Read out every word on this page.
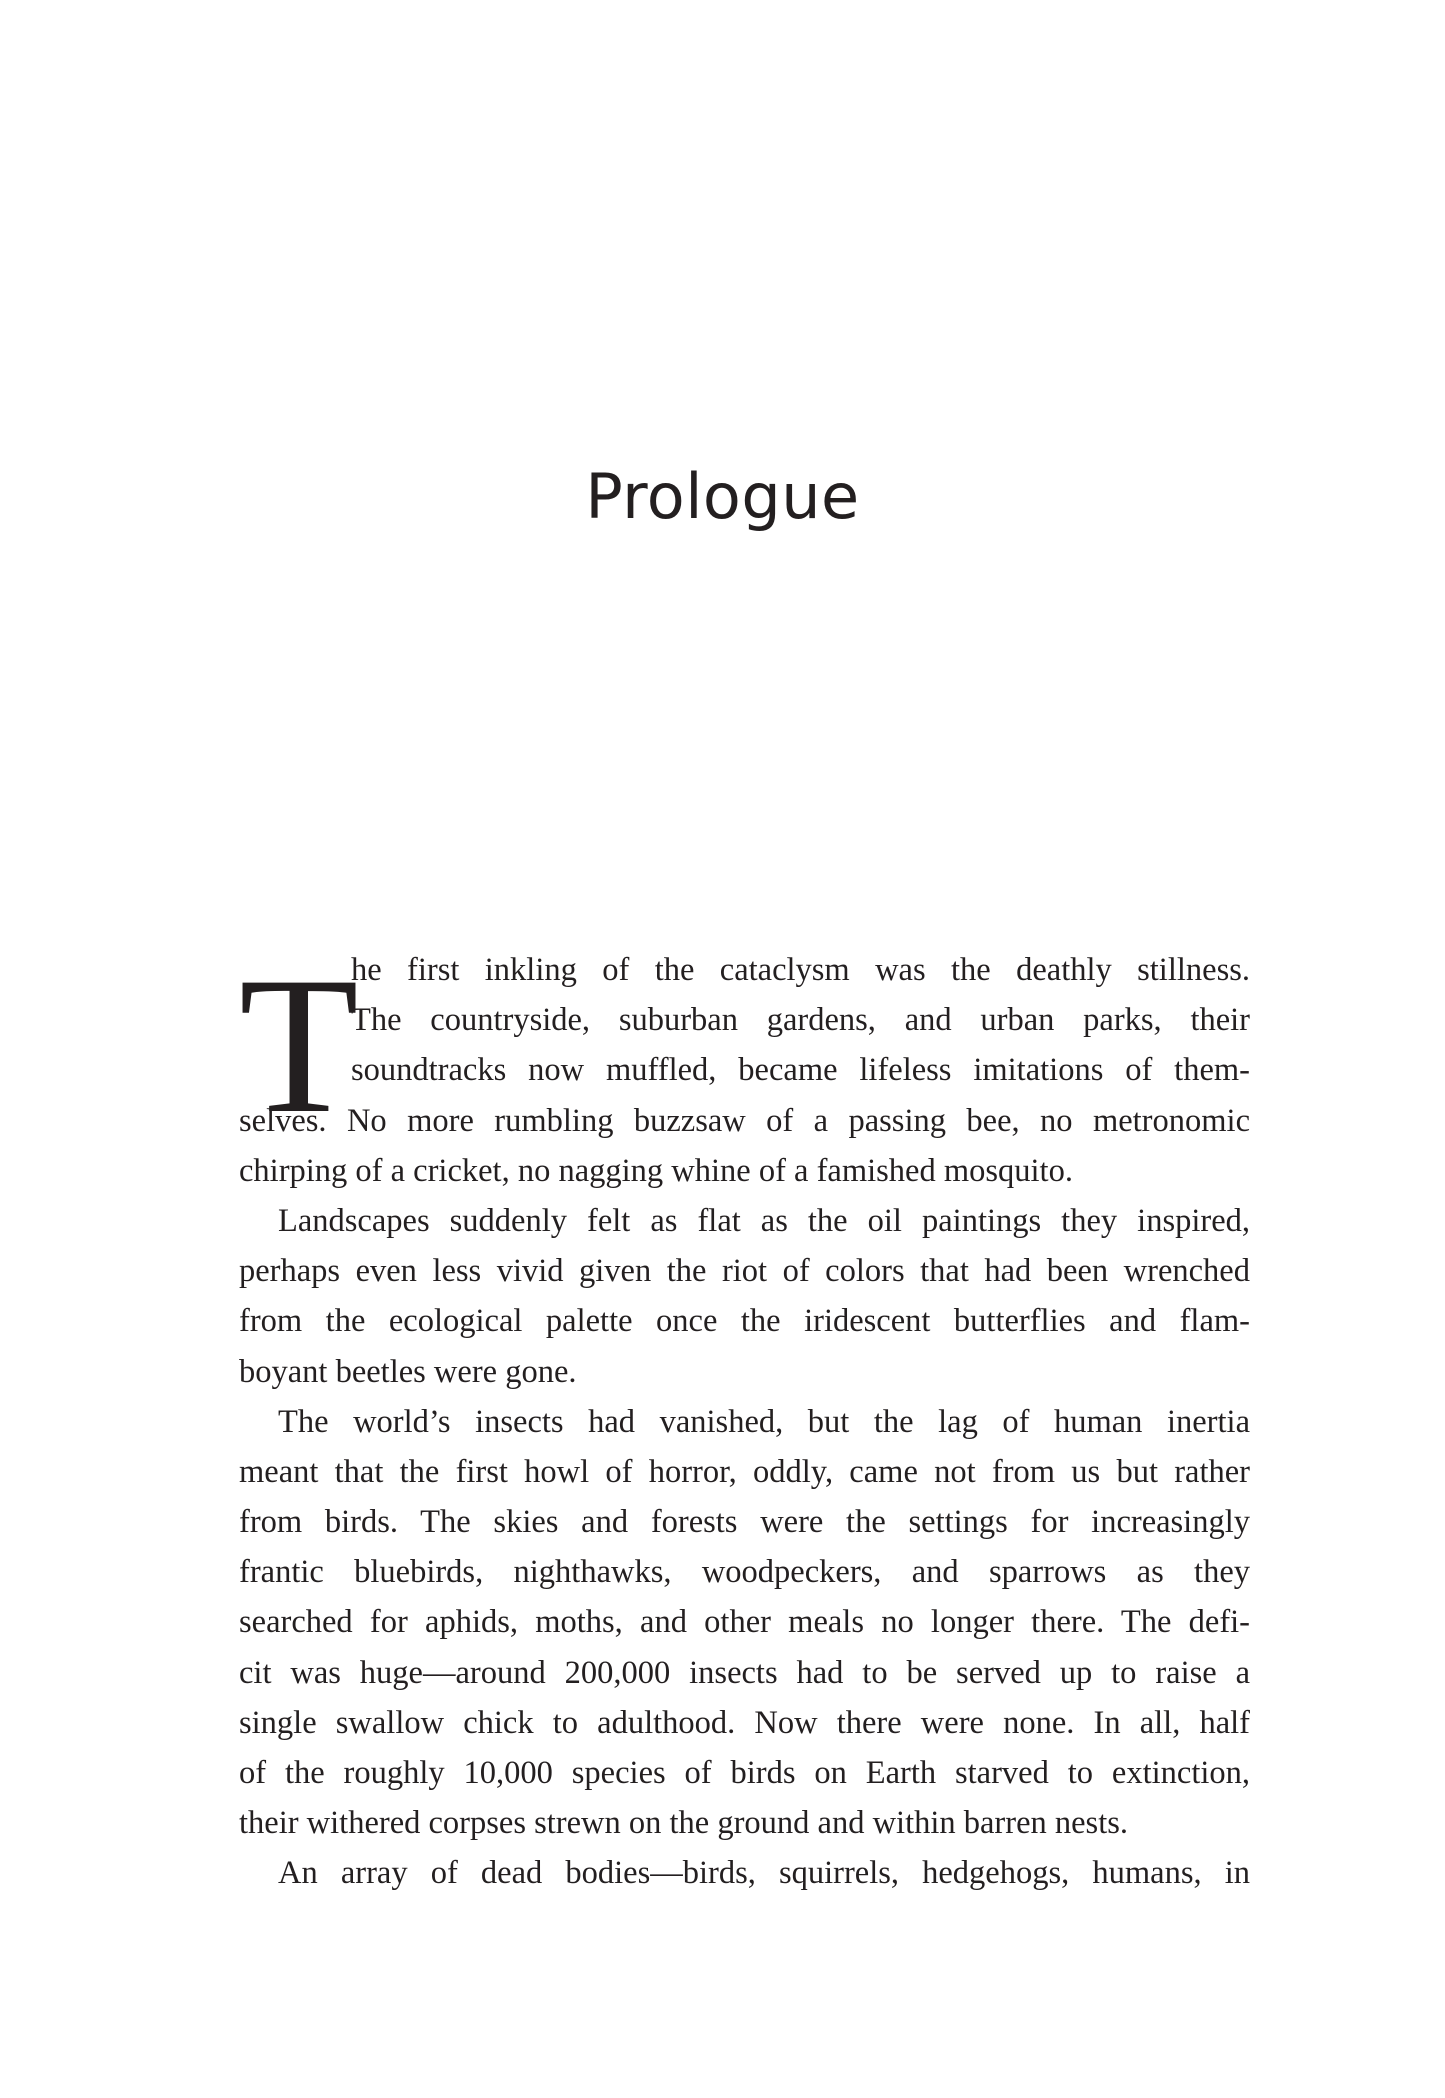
Prologue
T
he first inkling of the cataclysm was the deathly stillness.
The countryside, suburban gardens, and urban parks, their
soundtracks now muffled, became lifeless imitations of them-
selves. No more rumbling buzzsaw of a passing bee, no metronomic
chirping of a cricket, no nagging whine of a famished mosquito.
Landscapes suddenly felt as flat as the oil paintings they inspired,
perhaps even less vivid given the riot of colors that had been wrenched
from the ecological palette once the iridescent butterflies and flam-
boyant beetles were gone.
The world’s insects had vanished, but the lag of human inertia
meant that the first howl of horror, oddly, came not from us but rather
from birds. The skies and forests were the settings for increasingly
frantic bluebirds, nighthawks, woodpeckers, and sparrows as they
searched for aphids, moths, and other meals no longer there. The defi-
cit was huge—around 200,000 insects had to be served up to raise a
single swallow chick to adulthood. Now there were none. In all, half
of the roughly 10,000 species of birds on Earth starved to extinction,
their withered corpses strewn on the ground and within barren nests.
An array of dead bodies—birds, squirrels, hedgehogs, humans, in
